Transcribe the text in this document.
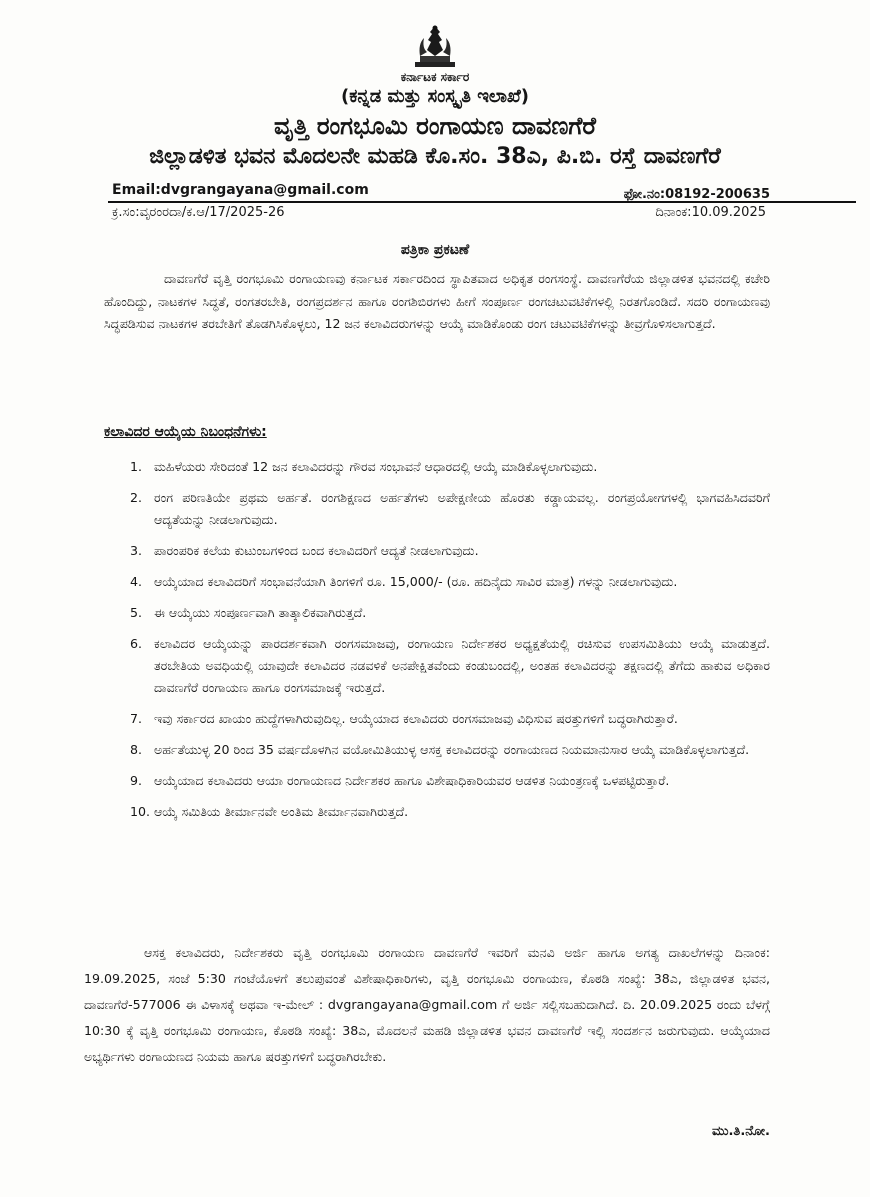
ಕರ್ನಾಟಕ ಸರ್ಕಾರ
(ಕನ್ನಡ ಮತ್ತು ಸಂಸ್ಕೃತಿ ಇಲಾಖೆ)
ವೃತ್ತಿ ರಂಗಭೂಮಿ ರಂಗಾಯಣ ದಾವಣಗೆರೆ
ಜಿಲ್ಲಾಡಳಿತ ಭವನ ಮೊದಲನೇ ಮಹಡಿ ಕೊ.ಸಂ. 38ಎ, ಪಿ.ಬಿ. ರಸ್ತೆ ದಾವಣಗೆರೆ
Email:dvgrangayana@gmail.com	ಫೋ.ನಂ:08192-200635
ಕ್ರ.ಸಂ:ವೃರಂರದಾ/ಕ.ಆ/17/2025-26	ದಿನಾಂಕ:10.09.2025
ಪತ್ರಿಕಾ ಪ್ರಕಟಣೆ

ದಾವಣಗೆರೆ ವೃತ್ತಿ ರಂಗಭೂಮಿ ರಂಗಾಯಣವು ಕರ್ನಾಟಕ ಸರ್ಕಾರದಿಂದ ಸ್ಥಾಪಿತವಾದ ಅಧಿಕೃತ ರಂಗಸಂಸ್ಥೆ. ದಾವಣಗೆರೆಯ ಜಿಲ್ಲಾಡಳಿತ ಭವನದಲ್ಲಿ ಕಚೇರಿ ಹೊಂದಿದ್ದು, ನಾಟಕಗಳ ಸಿದ್ಧತೆ, ರಂಗತರಬೇತಿ, ರಂಗಪ್ರದರ್ಶನ ಹಾಗೂ ರಂಗಶಿಬಿರಗಳು ಹೀಗೆ ಸಂಪೂರ್ಣ ರಂಗಚಟುವಟಿಕೆಗಳಲ್ಲಿ ನಿರತಗೊಂಡಿದೆ. ಸದರಿ ರಂಗಾಯಣವು ಸಿದ್ಧಪಡಿಸುವ ನಾಟಕಗಳ ತರಬೇತಿಗೆ ತೊಡಗಿಸಿಕೊಳ್ಳಲು, 12 ಜನ ಕಲಾವಿದರುಗಳನ್ನು ಆಯ್ಕೆ ಮಾಡಿಕೊಂಡು ರಂಗ ಚಟುವಟಿಕೆಗಳನ್ನು ತೀವ್ರಗೊಳಿಸಲಾಗುತ್ತದೆ.

ಕಲಾವಿದರ ಆಯ್ಕೆಯ ನಿಬಂಧನೆಗಳು:
1. ಮಹಿಳೆಯರು ಸೇರಿದಂತೆ 12 ಜನ ಕಲಾವಿದರನ್ನು ಗೌರವ ಸಂಭಾವನೆ ಆಧಾರದಲ್ಲಿ ಆಯ್ಕೆ ಮಾಡಿಕೊಳ್ಳಲಾಗುವುದು.
2. ರಂಗ ಪರಿಣತಿಯೇ ಪ್ರಥಮ ಅರ್ಹತೆ. ರಂಗಶಿಕ್ಷಣದ ಅರ್ಹತೆಗಳು ಅಪೇಕ್ಷಣೀಯ ಹೊರತು ಕಡ್ಡಾಯವಲ್ಲ. ರಂಗಪ್ರಯೋಗಗಳಲ್ಲಿ ಭಾಗವಹಿಸಿದವರಿಗೆ ಆದ್ಯತೆಯನ್ನು ನೀಡಲಾಗುವುದು.
3. ಪಾರಂಪರಿಕ ಕಲೆಯ ಕುಟುಂಬಗಳಿಂದ ಬಂದ ಕಲಾವಿದರಿಗೆ ಆದ್ಯತೆ ನೀಡಲಾಗುವುದು.
4. ಆಯ್ಕೆಯಾದ ಕಲಾವಿದರಿಗೆ ಸಂಭಾವನೆಯಾಗಿ ತಿಂಗಳಿಗೆ ರೂ. 15,000/- (ರೂ. ಹದಿನೈದು ಸಾವಿರ ಮಾತ್ರ) ಗಳನ್ನು ನೀಡಲಾಗುವುದು.
5. ಈ ಆಯ್ಕೆಯು ಸಂಪೂರ್ಣವಾಗಿ ತಾತ್ಕಾಲಿಕವಾಗಿರುತ್ತದೆ.
6. ಕಲಾವಿದರ ಆಯ್ಕೆಯನ್ನು ಪಾರದರ್ಶಕವಾಗಿ ರಂಗಸಮಾಜವು, ರಂಗಾಯಣ ನಿರ್ದೇಶಕರ ಅಧ್ಯಕ್ಷತೆಯಲ್ಲಿ ರಚಿಸುವ ಉಪಸಮಿತಿಯು ಆಯ್ಕೆ ಮಾಡುತ್ತದೆ. ತರಬೇತಿಯ ಅವಧಿಯಲ್ಲಿ ಯಾವುದೇ ಕಲಾವಿದರ ನಡವಳಿಕೆ ಅನಪೇಕ್ಷಿತವೆಂದು ಕಂಡುಬಂದಲ್ಲಿ, ಅಂತಹ ಕಲಾವಿದರನ್ನು ತಕ್ಷಣದಲ್ಲಿ ತೆಗೆದು ಹಾಕುವ ಅಧಿಕಾರ ದಾವಣಗೆರೆ ರಂಗಾಯಣ ಹಾಗೂ ರಂಗಸಮಾಜಕ್ಕೆ ಇರುತ್ತದೆ.
7. ಇವು ಸರ್ಕಾರದ ಖಾಯಂ ಹುದ್ದೆಗಳಾಗಿರುವುದಿಲ್ಲ. ಆಯ್ಕೆಯಾದ ಕಲಾವಿದರು ರಂಗಸಮಾಜವು ವಿಧಿಸುವ ಷರತ್ತುಗಳಿಗೆ ಬದ್ಧರಾಗಿರುತ್ತಾರೆ.
8. ಅರ್ಹತೆಯುಳ್ಳ 20 ರಿಂದ 35 ವರ್ಷದೊಳಗಿನ ವಯೋಮಿತಿಯುಳ್ಳ ಆಸಕ್ತ ಕಲಾವಿದರನ್ನು ರಂಗಾಯಣದ ನಿಯಮಾನುಸಾರ ಆಯ್ಕೆ ಮಾಡಿಕೊಳ್ಳಲಾಗುತ್ತದೆ.
9. ಆಯ್ಕೆಯಾದ ಕಲಾವಿದರು ಆಯಾ ರಂಗಾಯಣದ ನಿರ್ದೇಶಕರ ಹಾಗೂ ವಿಶೇಷಾಧಿಕಾರಿಯವರ ಆಡಳಿತ ನಿಯಂತ್ರಣಕ್ಕೆ ಒಳಪಟ್ಟಿರುತ್ತಾರೆ.
10. ಆಯ್ಕೆ ಸಮಿತಿಯ ತೀರ್ಮಾನವೇ ಅಂತಿಮ ತೀರ್ಮಾನವಾಗಿರುತ್ತದೆ.

ಆಸಕ್ತ ಕಲಾವಿದರು, ನಿರ್ದೇಶಕರು ವೃತ್ತಿ ರಂಗಭೂಮಿ ರಂಗಾಯಣ ದಾವಣಗೆರೆ ಇವರಿಗೆ ಮನವಿ ಅರ್ಜಿ ಹಾಗೂ ಅಗತ್ಯ ದಾಖಲೆಗಳನ್ನು ದಿನಾಂಕ: 19.09.2025, ಸಂಜೆ 5:30 ಗಂಟೆಯೊಳಗೆ ತಲುಪುವಂತೆ ವಿಶೇಷಾಧಿಕಾರಿಗಳು, ವೃತ್ತಿ ರಂಗಭೂಮಿ ರಂಗಾಯಣ, ಕೊಠಡಿ ಸಂಖ್ಯೆ: 38ಎ, ಜಿಲ್ಲಾಡಳಿತ ಭವನ, ದಾವಣಗೆರೆ-577006 ಈ ವಿಳಾಸಕ್ಕೆ ಅಥವಾ ಇ-ಮೇಲ್ : dvgrangayana@gmail.com ಗೆ ಅರ್ಜಿ ಸಲ್ಲಿಸಬಹುದಾಗಿದೆ. ದಿ. 20.09.2025 ರಂದು ಬೆಳಗ್ಗೆ 10:30 ಕ್ಕೆ ವೃತ್ತಿ ರಂಗಭೂಮಿ ರಂಗಾಯಣ, ಕೊಠಡಿ ಸಂಖ್ಯೆ: 38ಎ, ಮೊದಲನೆ ಮಹಡಿ ಜಿಲ್ಲಾಡಳಿತ ಭವನ ದಾವಣಗೆರೆ ಇಲ್ಲಿ ಸಂದರ್ಶನ ಜರುಗುವುದು. ಆಯ್ಕೆಯಾದ ಅಭ್ಯರ್ಥಿಗಳು ರಂಗಾಯಣದ ನಿಯಮ ಹಾಗೂ ಷರತ್ತುಗಳಿಗೆ ಬದ್ಧರಾಗಿರಬೇಕು.

ಮು.ತಿ.ನೋ.
